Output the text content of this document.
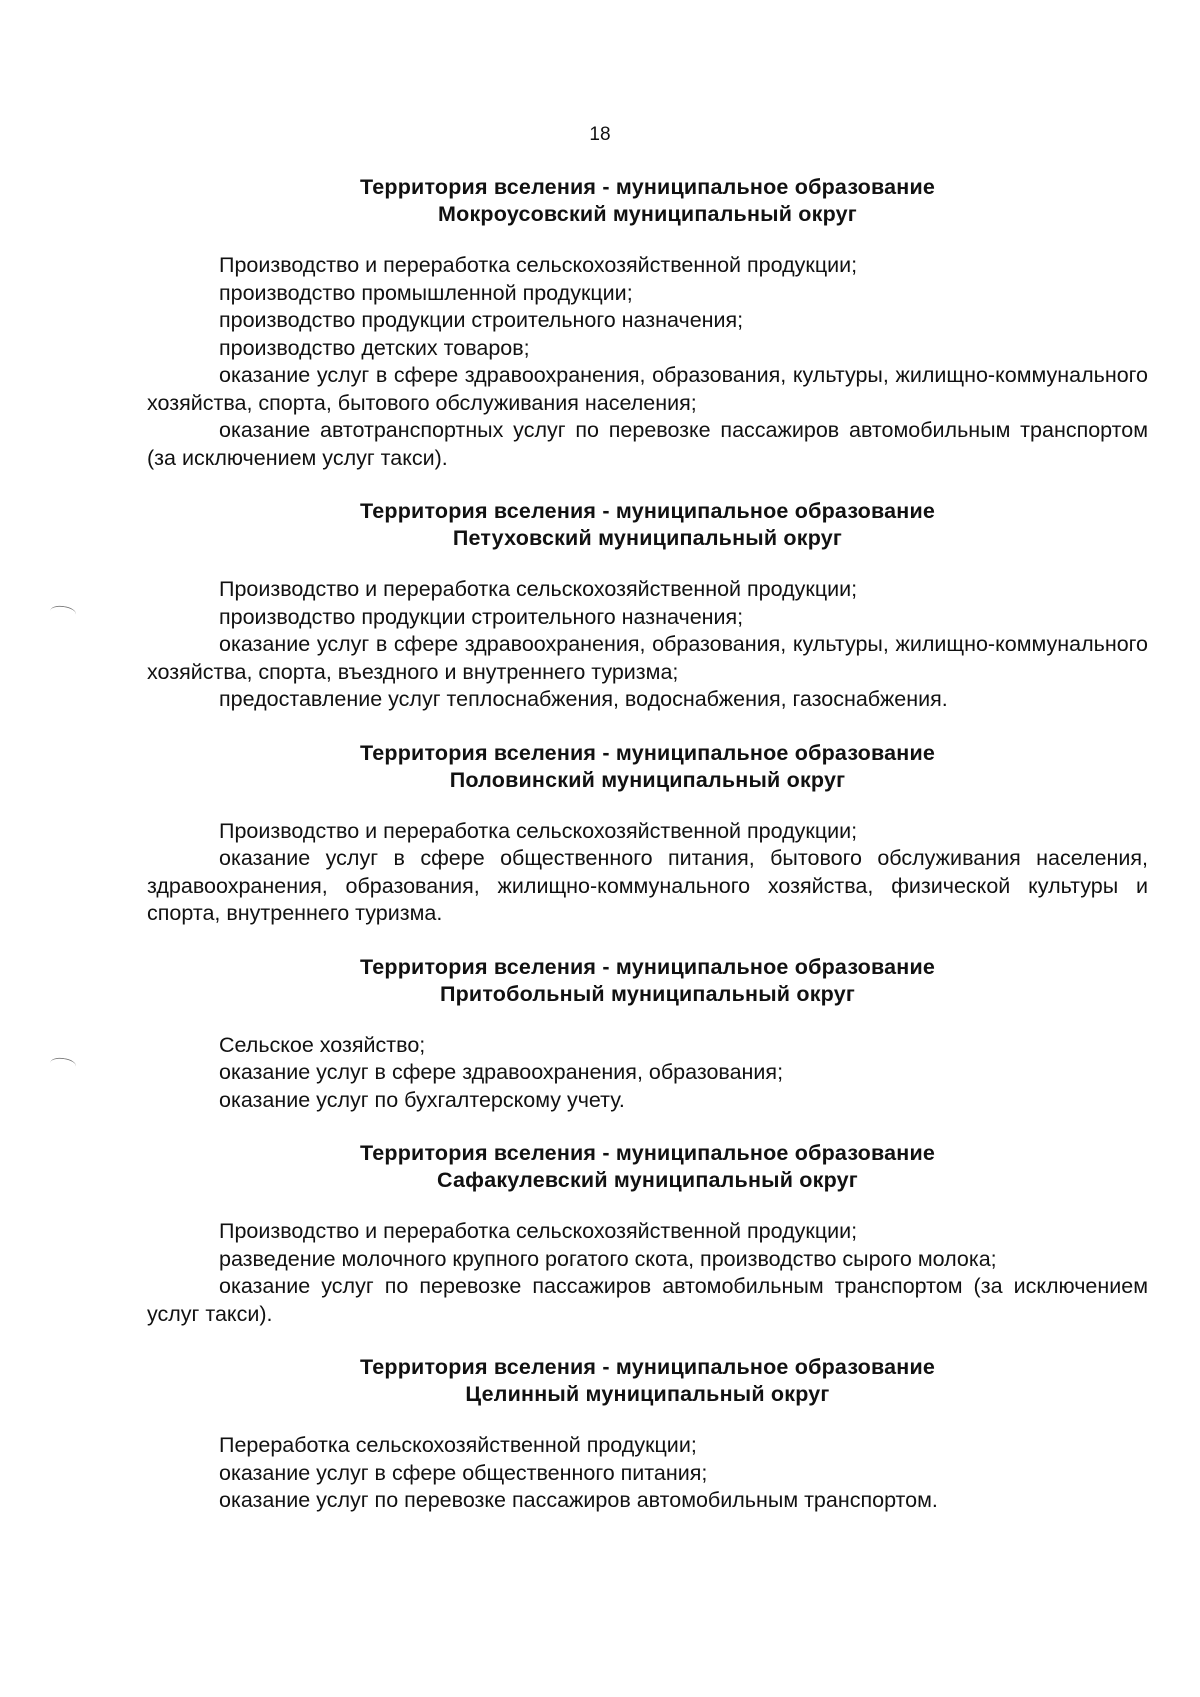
18
Территория вселения - муниципальное образование
Мокроусовский муниципальный округ

Производство и переработка сельскохозяйственной продукции;

производство промышленной продукции;

производство продукции строительного назначения;

производство детских товаров;

оказание услуг в сфере здравоохранения, образования, культуры, жилищно-коммунального хозяйства, спорта, бытового обслуживания населения;

оказание автотранспортных услуг по перевозке пассажиров автомобильным транспортом (за исключением услуг такси).

Территория вселения - муниципальное образование
Петуховский муниципальный округ

Производство и переработка сельскохозяйственной продукции;

производство продукции строительного назначения;

оказание услуг в сфере здравоохранения, образования, культуры, жилищно-коммунального хозяйства, спорта, въездного и внутреннего туризма;

предоставление услуг теплоснабжения, водоснабжения, газоснабжения.

Территория вселения - муниципальное образование
Половинский муниципальный округ

Производство и переработка сельскохозяйственной продукции;

оказание услуг в сфере общественного питания, бытового обслуживания населения, здравоохранения, образования, жилищно-коммунального хозяйства, физической культуры и спорта, внутреннего туризма.

Территория вселения - муниципальное образование
Притобольный муниципальный округ

Сельское хозяйство;

оказание услуг в сфере здравоохранения, образования;

оказание услуг по бухгалтерскому учету.

Территория вселения - муниципальное образование
Сафакулевский муниципальный округ

Производство и переработка сельскохозяйственной продукции;

разведение молочного крупного рогатого скота, производство сырого молока;

оказание услуг по перевозке пассажиров автомобильным транспортом (за исключением услуг такси).

Территория вселения - муниципальное образование
Целинный муниципальный округ

Переработка сельскохозяйственной продукции;

оказание услуг в сфере общественного питания;

оказание услуг по перевозке пассажиров автомобильным транспортом.
